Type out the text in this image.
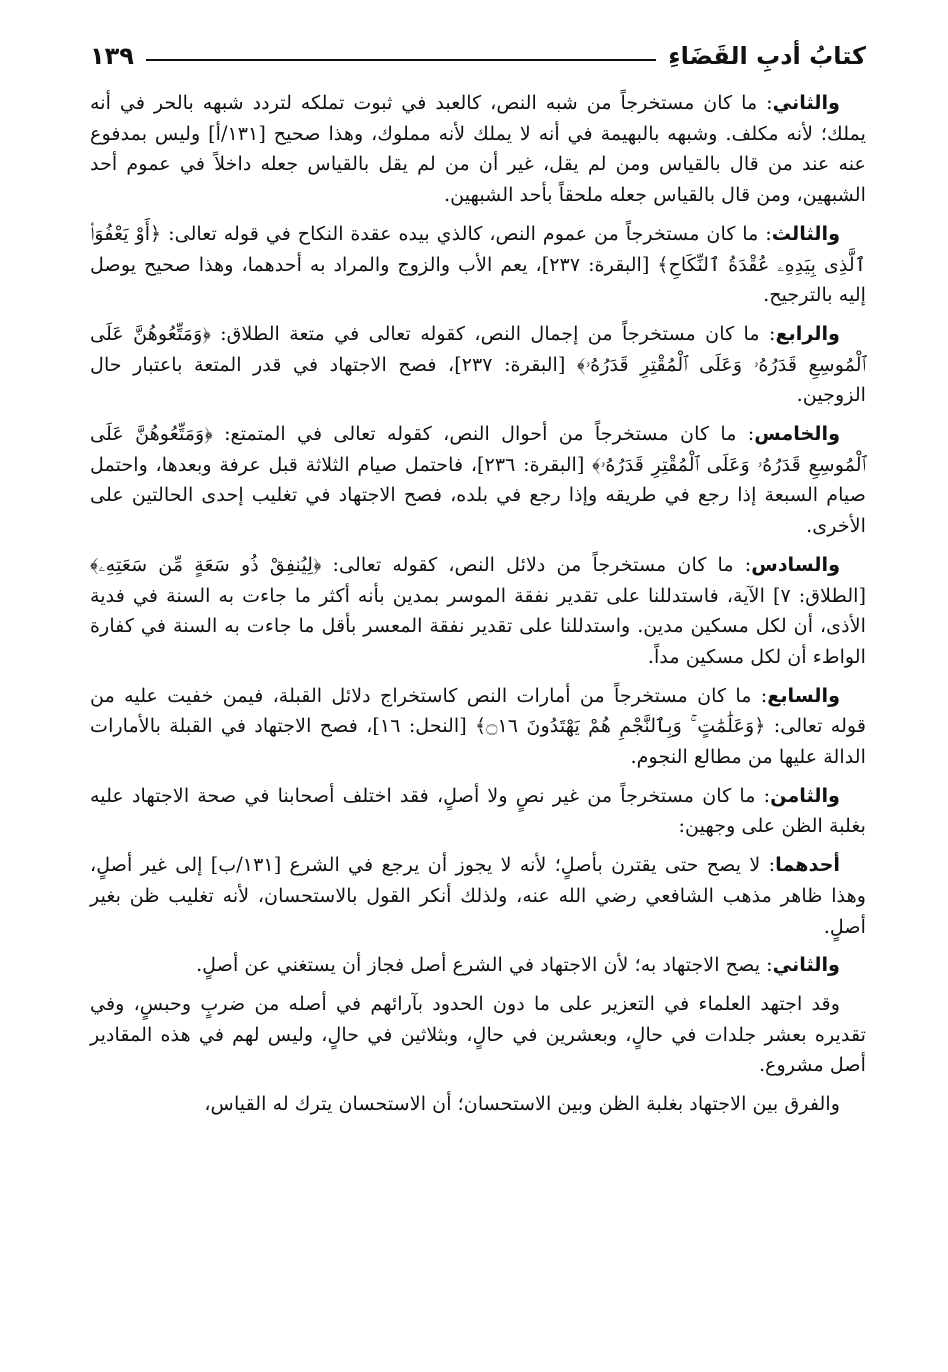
كتابُ أدبِ القَضَاءِ
١٣٩

والثاني: ما كان مستخرجاً من شبه النص، كالعبد في ثبوت تملكه لتردد شبهه بالحر في أنه يملك؛ لأنه مكلف. وشبهه بالبهيمة في أنه لا يملك لأنه مملوك، وهذا صحيح [١٣١/أ] وليس بمدفوع عنه عند من قال بالقياس ومن لم يقل، غير أن من لم يقل بالقياس جعله داخلاً في عموم أحد الشبهين، ومن قال بالقياس جعله ملحقاً بأحد الشبهين.

والثالث: ما كان مستخرجاً من عموم النص، كالذي بيده عقدة النكاح في قوله تعالى: ﴿أَوْ يَعْفُوَا۟ ٱلَّذِى بِيَدِهِۦ عُقْدَةُ ٱلنِّكَاحِ﴾ [البقرة: ٢٣٧]، يعم الأب والزوج والمراد به أحدهما، وهذا صحيح يوصل إليه بالترجيح.

والرابع: ما كان مستخرجاً من إجمال النص، كقوله تعالى في متعة الطلاق: ﴿وَمَتِّعُوهُنَّ عَلَى ٱلْمُوسِعِ قَدَرُهُۥ وَعَلَى ٱلْمُقْتِرِ قَدَرُهُۥ﴾ [البقرة: ٢٣٧]، فصح الاجتهاد في قدر المتعة باعتبار حال الزوجين.

والخامس: ما كان مستخرجاً من أحوال النص، كقوله تعالى في المتمتع: ﴿وَمَتِّعُوهُنَّ عَلَى ٱلْمُوسِعِ قَدَرُهُۥ وَعَلَى ٱلْمُقْتِرِ قَدَرُهُۥ﴾ [البقرة: ٢٣٦]، فاحتمل صيام الثلاثة قبل عرفة وبعدها، واحتمل صيام السبعة إذا رجع في طريقه وإذا رجع في بلده، فصح الاجتهاد في تغليب إحدى الحالتين على الأخرى.

والسادس: ما كان مستخرجاً من دلائل النص، كقوله تعالى: ﴿لِيُنفِقْ ذُو سَعَةٍ مِّن سَعَتِهِۦ﴾ [الطلاق: ٧] الآية، فاستدللنا على تقدير نفقة الموسر بمدين بأنه أكثر ما جاءت به السنة في فدية الأذى، أن لكل مسكين مدين. واستدللنا على تقدير نفقة المعسر بأقل ما جاءت به السنة في كفارة الواطء أن لكل مسكين مداً.

والسابع: ما كان مستخرجاً من أمارات النص كاستخراج دلائل القبلة، فيمن خفيت عليه من قوله تعالى: ﴿وَعَلَٰمَٰتٍ ۚ وَبِٱلنَّجْمِ هُمْ يَهْتَدُونَ ۝١٦﴾ [النحل: ١٦]، فصح الاجتهاد في القبلة بالأمارات الدالة عليها من مطالع النجوم.

والثامن: ما كان مستخرجاً من غير نصٍ ولا أصلٍ، فقد اختلف أصحابنا في صحة الاجتهاد عليه بغلبة الظن على وجهين:

أحدهما: لا يصح حتى يقترن بأصلٍ؛ لأنه لا يجوز أن يرجع في الشرع [١٣١/ب] إلى غير أصلٍ، وهذا ظاهر مذهب الشافعي رضي الله عنه، ولذلك أنكر القول بالاستحسان، لأنه تغليب ظن بغير أصلٍ.

والثاني: يصح الاجتهاد به؛ لأن الاجتهاد في الشرع أصل فجاز أن يستغني عن أصلٍ.

وقد اجتهد العلماء في التعزير على ما دون الحدود بآرائهم في أصله من ضربٍ وحبسٍ، وفي تقديره بعشر جلدات في حالٍ، وبعشرين في حالٍ، وبثلاثين في حالٍ، وليس لهم في هذه المقادير أصل مشروع.

والفرق بين الاجتهاد بغلبة الظن وبين الاستحسان؛ أن الاستحسان يترك له القياس،
